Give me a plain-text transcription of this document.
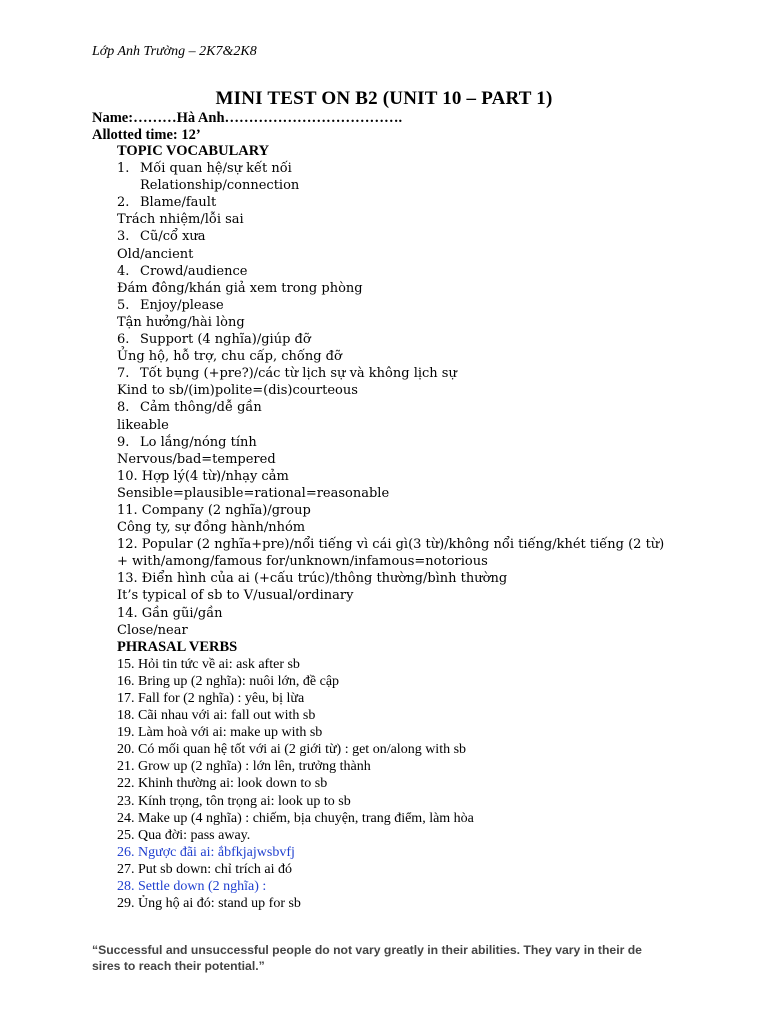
Lớp Anh Trường – 2K7&2K8
MINI TEST ON B2 (UNIT 10 – PART 1)
Name:………Hà Anh……………………………….
Allotted time: 12’
TOPIC VOCABULARY
1. Mối quan hệ/sự kết nối
Relationship/connection
2. Blame/fault
Trách nhiệm/lỗi sai
3. Cũ/cổ xưa
Old/ancient
4. Crowd/audience
Đám đông/khán giả xem trong phòng
5. Enjoy/please
Tận hưởng/hài lòng
6. Support (4 nghĩa)/giúp đỡ
Ủng hộ, hỗ trợ, chu cấp, chống đỡ
7. Tốt bụng (+pre?)/các từ lịch sự và không lịch sự
Kind to sb/(im)polite=(dis)courteous
8. Cảm thông/dễ gần
likeable
9. Lo lắng/nóng tính
Nervous/bad=tempered
10. Hợp lý(4 từ)/nhạy cảm
Sensible=plausible=rational=reasonable
11. Company (2 nghĩa)/group
Công ty, sự đồng hành/nhóm
12. Popular (2 nghĩa+pre)/nổi tiếng vì cái gì(3 từ)/không nổi tiếng/khét tiếng (2 từ)
+ with/among/famous for/unknown/infamous=notorious
13. Điển hình của ai (+cấu trúc)/thông thường/bình thường
It’s typical of sb to V/usual/ordinary
14. Gần gũi/gần
Close/near
PHRASAL VERBS
15. Hỏi tin tức về ai: ask after sb
16. Bring up (2 nghĩa): nuôi lớn, đề cập
17. Fall for (2 nghĩa) : yêu, bị lừa
18. Cãi nhau với ai: fall out with sb
19. Làm hoà với ai: make up with sb
20. Có mối quan hệ tốt với ai (2 giới từ) : get on/along with sb
21. Grow up (2 nghĩa) : lớn lên, trưởng thành
22. Khinh thường ai: look down to sb
23. Kính trọng, tôn trọng ai: look up to sb
24. Make up (4 nghĩa) : chiếm, bịa chuyện, trang điểm, làm hòa
25. Qua đời: pass away.
26. Ngược đãi ai: ắbfkjajwsbvfj
27. Put sb down: chỉ trích ai đó
28. Settle down (2 nghĩa) :
29. Ủng hộ ai đó: stand up for sb
“Successful and unsuccessful people do not vary greatly in their abilities. They vary in their de
sires to reach their potential.”
